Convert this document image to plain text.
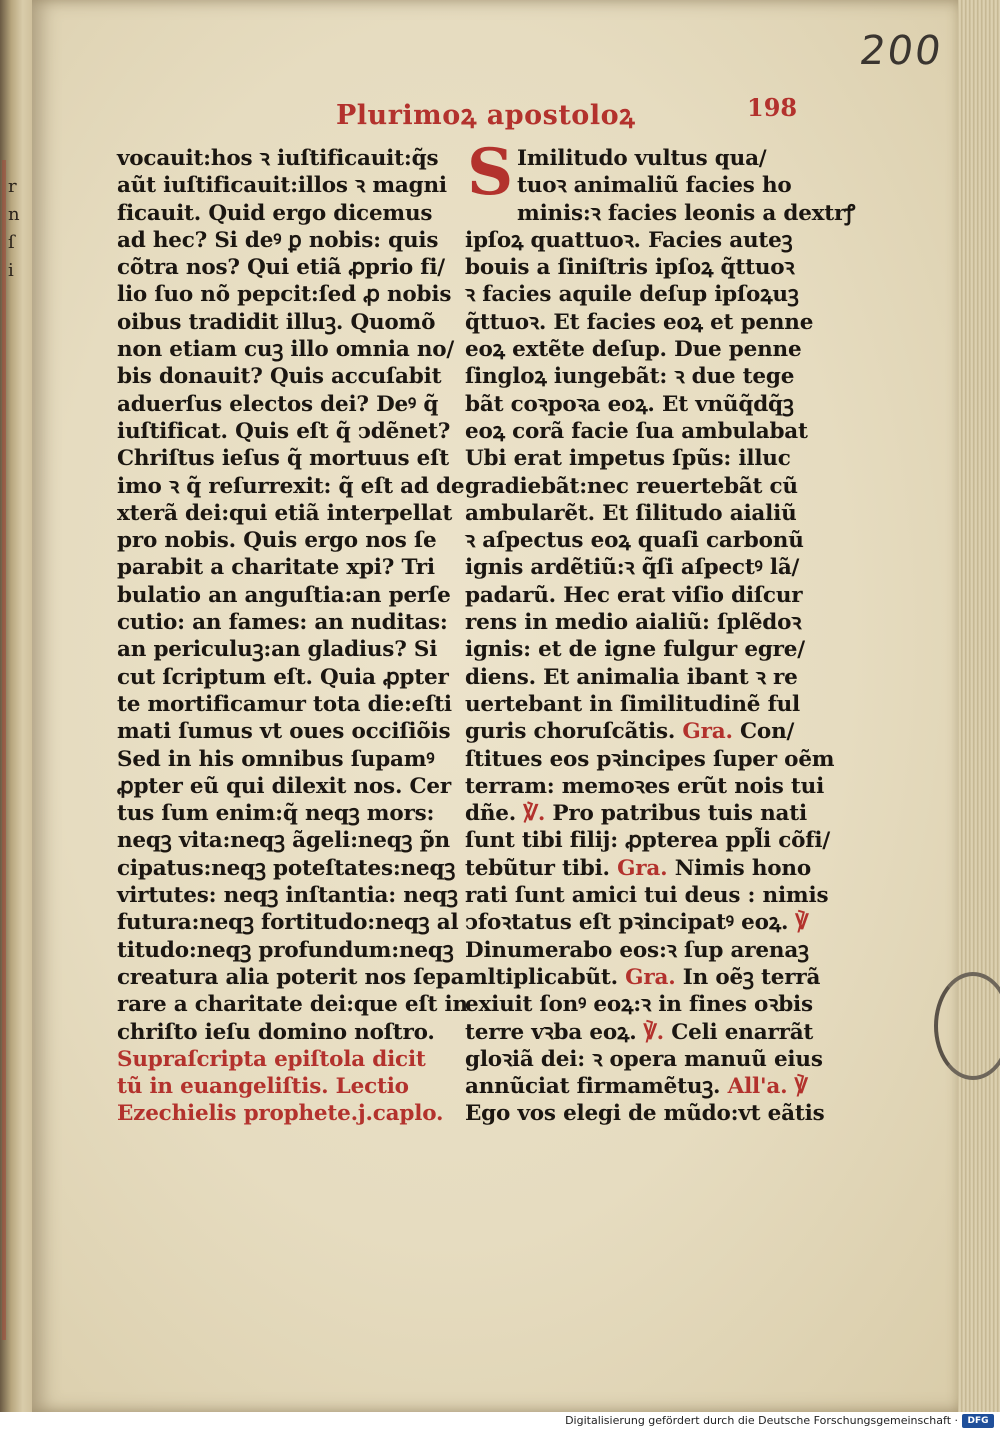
r
n
ſ
i
200
Plurimoꝝ apostoloꝝ	198
vocauit:hos ꝛ iuſtificauit:q̃s
aũt iuſtificauit:illos ꝛ magni
ficauit. Quid ergo dicemus
ad hec? Si deꝰ ꝑ nobis: quis
cõtra nos? Qui etiã ꝓprio fi/
lio ſuo nõ pepcit:ſed ꝓ nobis
oibus tradidit illuꝫ. Quomõ
non etiam cuꝫ illo omnia no/
bis donauit? Quis accuſabit
aduerſus electos dei? Deꝰ q̃
iuſtificat. Quis eſt q̃ ↄdẽnet?
Chriſtus ieſus q̃ mortuus eſt
imo ꝛ q̃ reſurrexit: q̃ eſt ad de
xterã dei:qui etiã interpellat
pro nobis. Quis ergo nos ſe
parabit a charitate xpi? Tri
bulatio an anguſtia:an perſe
cutio: an fames: an nuditas:
an periculuꝫ:an gladius? Si
cut ſcriptum eſt. Quia ꝓpter
te mortificamur tota die:eſti
mati ſumus vt oues occiſiõis
Sed in his omnibus ſupamꝰ
ꝓpter eũ qui dilexit nos. Cer
tus ſum enim:q̃ neqꝫ mors:
neqꝫ vita:neqꝫ ãgeli:neqꝫ p̃n
cipatus:neqꝫ poteſtates:neqꝫ
virtutes: neqꝫ inſtantia: neqꝫ
futura:neqꝫ fortitudo:neqꝫ al
titudo:neqꝫ profundum:neqꝫ
creatura alia poterit nos ſepa
rare a charitate dei:que eſt in
chriſto ieſu domino noſtro.
Supraſcripta epiſtola dicit
tũ in euangeliſtis. Lectio
Ezechielis prophete.j.caplo.
S Imilitudo vultus qua/
tuoꝛ animaliũ facies ho
minis:ꝛ facies leonis a dextrꝭ
ipſoꝝ quattuoꝛ. Facies auteꝫ
bouis a ſiniſtris ipſoꝝ q̃ttuoꝛ
ꝛ facies aquile deſup ipſoꝝuꝫ
q̃ttuoꝛ. Et facies eoꝝ et penne
eoꝝ extẽte deſup. Due penne
ſingloꝝ iungebãt: ꝛ due tege
bãt coꝛpoꝛa eoꝝ. Et vnũq̃dq̃ꝫ
eoꝝ corã facie ſua ambulabat
Ubi erat impetus ſpũs: illuc
gradiebãt:nec reuertebãt cũ
ambularẽt. Et ſilitudo aialiũ
ꝛ aſpectus eoꝝ quaſi carbonũ
ignis ardẽtiũ:ꝛ q̃ſi aſpectꝰ lã/
padarũ. Hec erat viſio diſcur
rens in medio aialiũ: ſplẽdoꝛ
ignis: et de igne fulgur egre/
diens. Et animalia ibant ꝛ re
uertebant in ſimilitudinẽ ful
guris choruſcãtis. Gra. Con/
ſtitues eos pꝛincipes ſuper oẽm
terram: memoꝛes erũt nois tui
dñe. ℣. Pro patribus tuis nati
ſunt tibi filij: ꝓpterea ppl̃i cõfi/
tebũtur tibi. Gra. Nimis hono
rati ſunt amici tui deus : nimis
ↄfoꝛtatus eſt pꝛincipatꝰ eoꝝ. ℣
Dinumerabo eos:ꝛ ſup arenaꝫ
mltiplicabũt. Gra. In oẽꝫ terrã
exiuit ſonꝰ eoꝝ:ꝛ in fines oꝛbis
terre vꝛba eoꝝ. ℣. Celi enarrãt
gloꝛiã dei: ꝛ opera manuũ eius
annũciat firmamẽtuꝫ. All'a. ℣
Ego vos elegi de mũdo:vt eãtis
Digitalisierung gefördert durch die Deutsche Forschungsgemeinschaft ·	DFG
